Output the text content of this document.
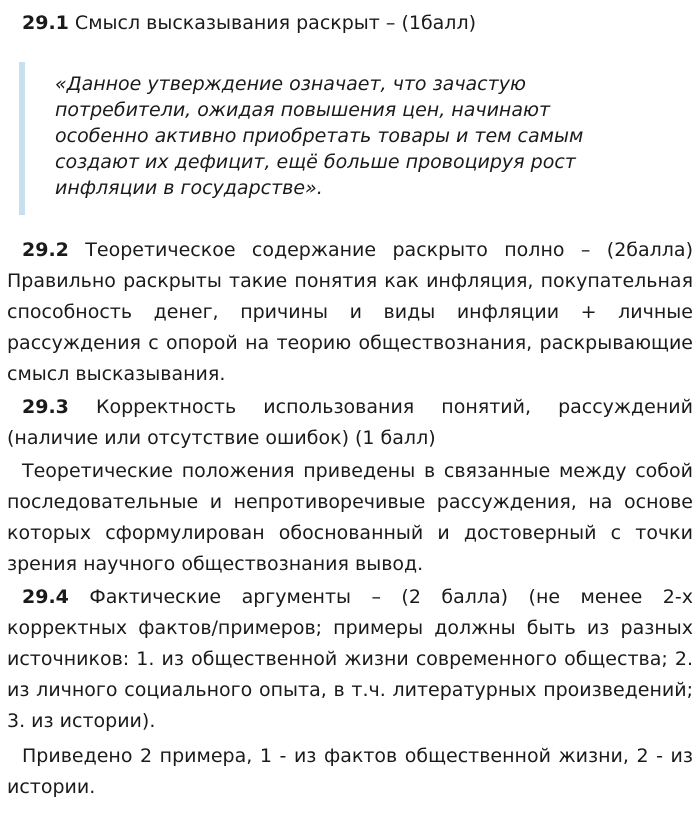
29.1 Смысл высказывания раскрыт – (1балл)

«Данное утверждение означает, что зачастую
потребители, ожидая повышения цен, начинают
особенно активно приобретать товары и тем самым
создают их дефицит, ещё больше провоцируя рост
инфляции в государстве».

29.2 Теоретическое содержание раскрыто полно – (2балла) Правильно раскрыты такие понятия как инфляция, покупательная способность денег, причины и виды инфляции + личные рассуждения с опорой на теорию обществознания, раскрывающие смысл высказывания.

29.3 Корректность использования понятий, рассуждений (наличие или отсутствие ошибок) (1 балл)

Теоретические положения приведены в связанные между собой последовательные и непротиворечивые рассуждения, на основе которых сформулирован обоснованный и достоверный с точки зрения научного обществознания вывод.

29.4 Фактические аргументы – (2 балла) (не менее 2-х корректных фактов/примеров; примеры должны быть из разных источников: 1. из общественной жизни современного общества; 2. из личного социального опыта, в т.ч. литературных произведений; 3. из истории).

Приведено 2 примера, 1 - из фактов общественной жизни, 2 - из истории.
